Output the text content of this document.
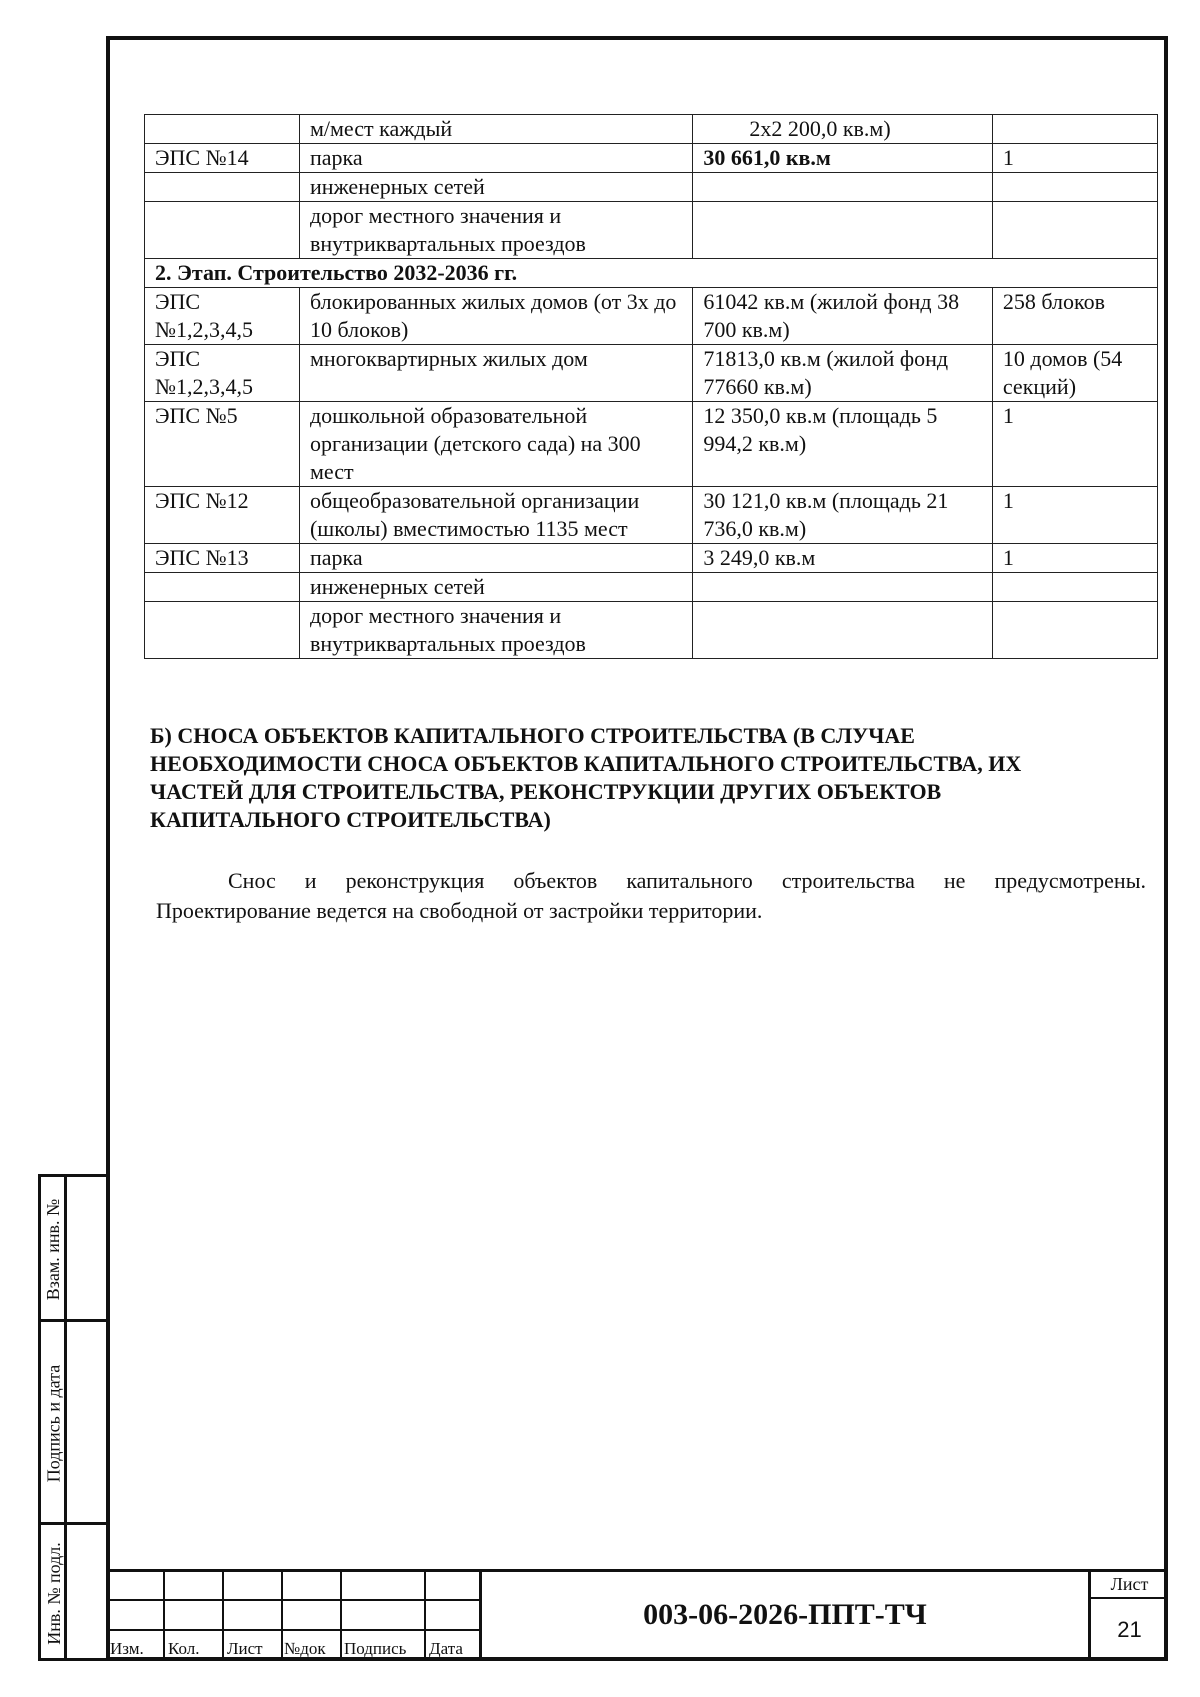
Взам. инв. №
Подпись и дата
Инв. № подл.
	м/мест каждый	2х2 200,0 кв.м)	
ЭПС №14	парка	30 661,0 кв.м	1
	инженерных сетей		
	дорог местного значения и внутриквартальных проездов		
2. Этап. Строительство 2032-2036 гг.			
ЭПС №1,2,3,4,5	блокированных жилых домов (от 3х до 10 блоков)	61042 кв.м (жилой фонд 38 700 кв.м)	258 блоков
ЭПС №1,2,3,4,5	многоквартирных жилых дом	71813,0 кв.м (жилой фонд 77660 кв.м)	10 домов (54 секций)
ЭПС №5	дошкольной образовательной организации (детского сада) на 300 мест	12 350,0 кв.м (площадь 5 994,2 кв.м)	1
ЭПС №12	общеобразовательной организации (школы) вместимостью 1135 мест	30 121,0 кв.м (площадь 21 736,0 кв.м)	1
ЭПС №13	парка	3 249,0 кв.м	1
	инженерных сетей		
	дорог местного значения и внутриквартальных проездов		
Б) СНОСА ОБЪЕКТОВ КАПИТАЛЬНОГО СТРОИТЕЛЬСТВА (В СЛУЧАЕ
НЕОБХОДИМОСТИ СНОСА ОБЪЕКТОВ КАПИТАЛЬНОГО СТРОИТЕЛЬСТВА, ИХ
ЧАСТЕЙ ДЛЯ СТРОИТЕЛЬСТВА, РЕКОНСТРУКЦИИ ДРУГИХ ОБЪЕКТОВ
КАПИТАЛЬНОГО СТРОИТЕЛЬСТВА)
Снос и реконструкция объектов капитального строительства не предусмотрены.
Проектирование ведется на свободной от застройки территории.
Изм. Кол. Лист №док Подпись Дата
003-06-2026-ППТ-ТЧ
Лист
21
